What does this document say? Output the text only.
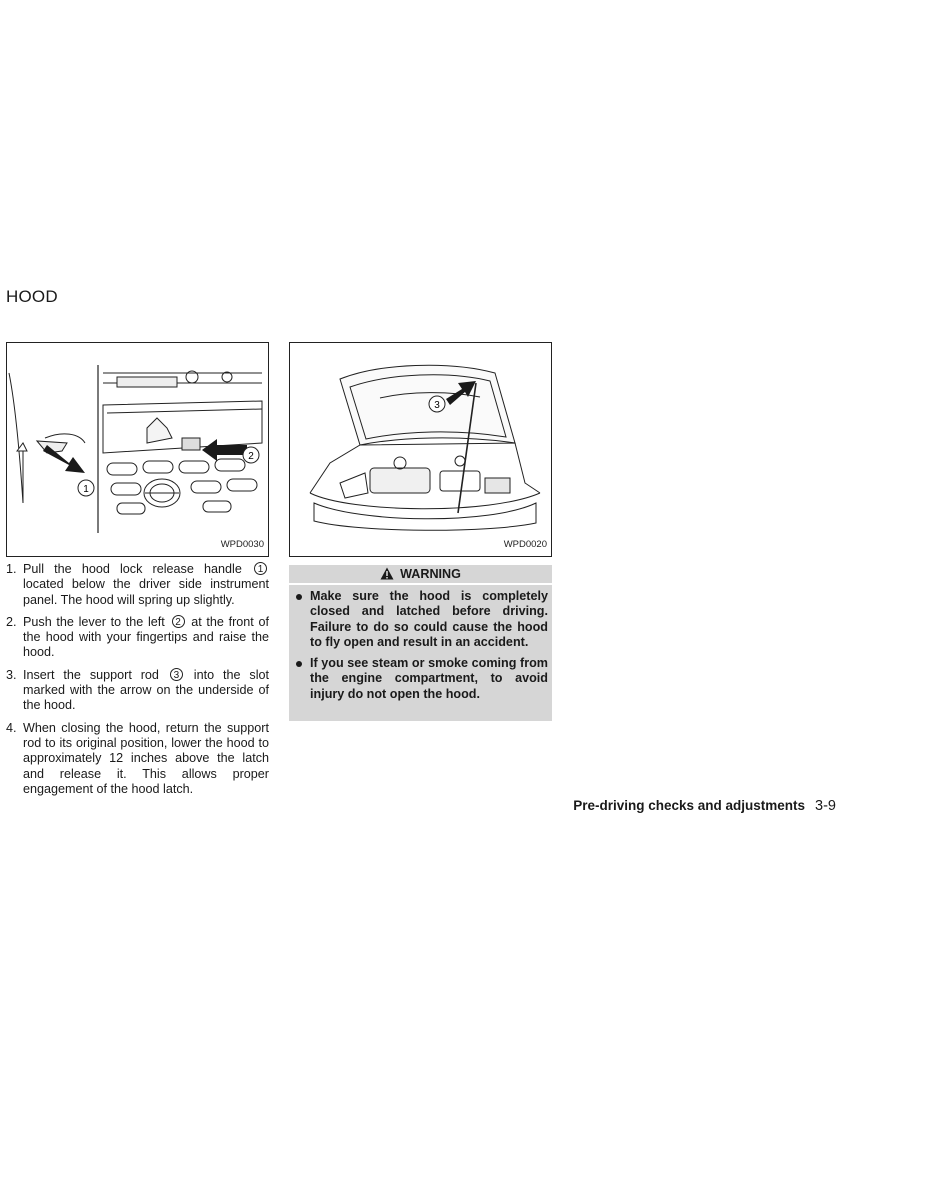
HOOD
1
2
WPD0030
3
WPD0020
1. Pull the hood lock release handle 1 located below the driver side instrument panel. The hood will spring up slightly.
2. Push the lever to the left 2 at the front of the hood with your fingertips and raise the hood.
3. Insert the support rod 3 into the slot marked with the arrow on the underside of the hood.
4. When closing the hood, return the support rod to its original position, lower the hood to approximately 12 inches above the latch and release it. This allows proper engagement of the hood latch.
WARNING
Make sure the hood is completely closed and latched before driving. Failure to do so could cause the hood to fly open and result in an accident.
If you see steam or smoke coming from the engine compartment, to avoid injury do not open the hood.
Pre-driving checks and adjustments 3-9
